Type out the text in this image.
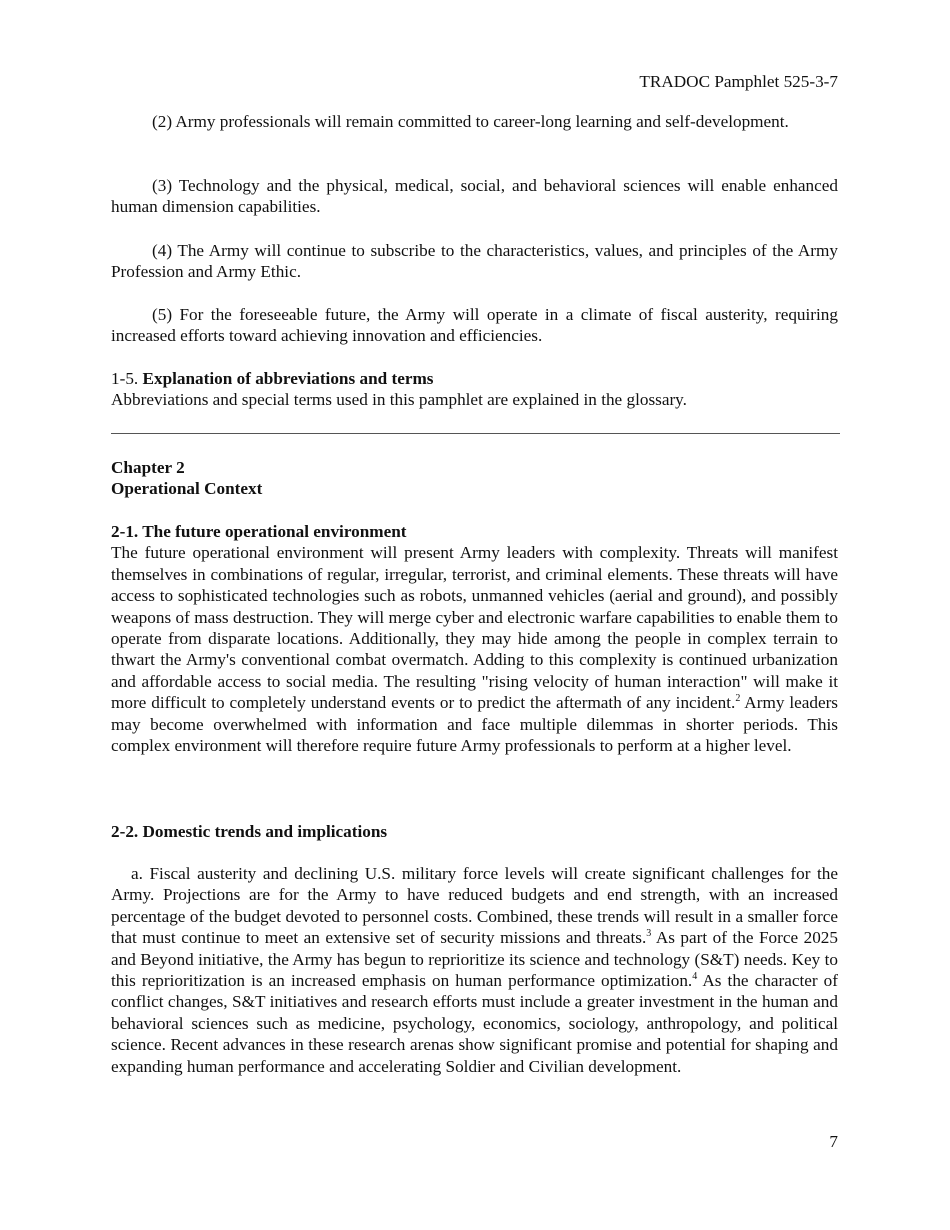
TRADOC Pamphlet 525-3-7

(2) Army professionals will remain committed to career-long learning and self-development.

(3) Technology and the physical, medical, social, and behavioral sciences will enable enhanced human dimension capabilities.

(4) The Army will continue to subscribe to the characteristics, values, and principles of the Army Profession and Army Ethic.

(5) For the foreseeable future, the Army will operate in a climate of fiscal austerity, requiring increased efforts toward achieving innovation and efficiencies.

1-5. Explanation of abbreviations and terms

Abbreviations and special terms used in this pamphlet are explained in the glossary.

Chapter 2
Operational Context
2-1. The future operational environment

The future operational environment will present Army leaders with complexity. Threats will manifest themselves in combinations of regular, irregular, terrorist, and criminal elements. These threats will have access to sophisticated technologies such as robots, unmanned vehicles (aerial and ground), and possibly weapons of mass destruction. They will merge cyber and electronic warfare capabilities to enable them to operate from disparate locations. Additionally, they may hide among the people in complex terrain to thwart the Army's conventional combat overmatch. Adding to this complexity is continued urbanization and affordable access to social media. The resulting "rising velocity of human interaction" will make it more difficult to completely understand events or to predict the aftermath of any incident.$^2$ Army leaders may become overwhelmed with information and face multiple dilemmas in shorter periods. This complex environment will therefore require future Army professionals to perform at a higher level.

2-2. Domestic trends and implications

a. Fiscal austerity and declining U.S. military force levels will create significant challenges for the Army. Projections are for the Army to have reduced budgets and end strength, with an increased percentage of the budget devoted to personnel costs. Combined, these trends will result in a smaller force that must continue to meet an extensive set of security missions and threats.$^3$ As part of the Force 2025 and Beyond initiative, the Army has begun to reprioritize its science and technology (S&T) needs. Key to this reprioritization is an increased emphasis on human performance optimization.$^4$ As the character of conflict changes, S&T initiatives and research efforts must include a greater investment in the human and behavioral sciences such as medicine, psychology, economics, sociology, anthropology, and political science. Recent advances in these research arenas show significant promise and potential for shaping and expanding human performance and accelerating Soldier and Civilian development.

7
